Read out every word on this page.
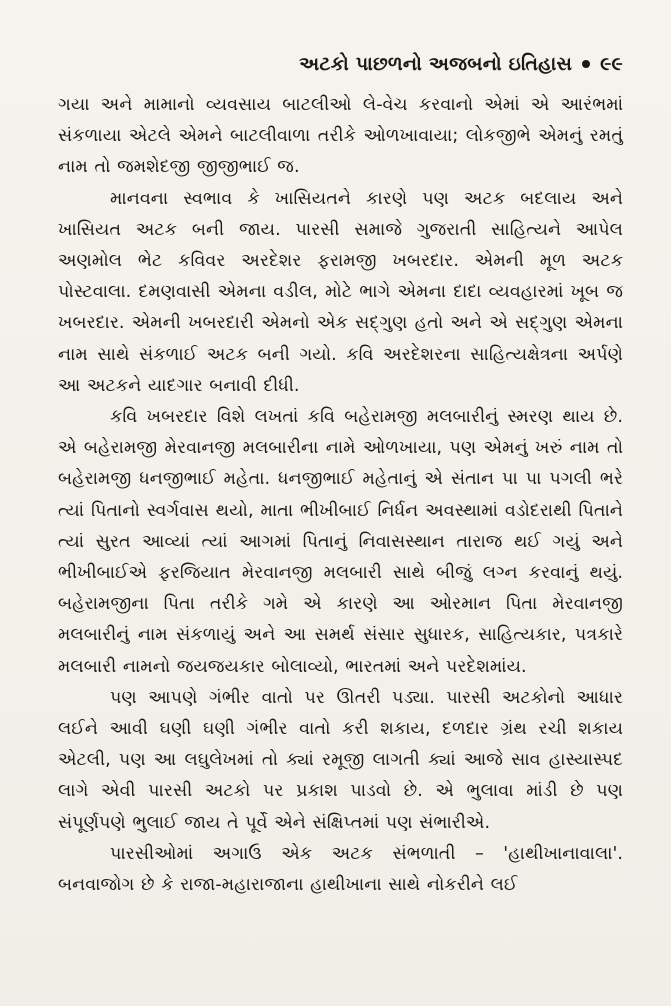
અટકો પાછળનો અજબનો ઇતિહાસ ૯૯

ગયા અને મામાનો વ્યવસાય બાટલીઓ લે-વેચ કરવાનો એમાં એ આરંભમાં સંકળાયા એટલે એમને બાટલીવાળા તરીકે ઓળખાવાયા; લોકજીભે એમનું રમતું નામ તો જમશેદજી જીજીભાઈ જ.

માનવના સ્વભાવ કે ખાસિયતને કારણે પણ અટક બદલાય અને ખાસિયત અટક બની જાય. પારસી સમાજે ગુજરાતી સાહિત્યને આપેલ અણમોલ ભેટ કવિવર અરદેશર ફરામજી ખબરદાર. એમની મૂળ અટક પોસ્ટવાલા. દમણવાસી એમના વડીલ, મોટે ભાગે એમના દાદા વ્યવહારમાં ખૂબ જ ખબરદાર. એમની ખબરદારી એમનો એક સદ્ગુણ હતો અને એ સદ્ગુણ એમના નામ સાથે સંકળાઈ અટક બની ગયો. કવિ અરદેશરના સાહિત્યક્ષેત્રના અર્પણે આ અટકને યાદગાર બનાવી દીધી.

કવિ ખબરદાર વિશે લખતાં કવિ બહેરામજી મલબારીનું સ્મરણ થાય છે. એ બહેરામજી મેરવાનજી મલબારીના નામે ઓળખાયા, પણ એમનું ખરું નામ તો બહેરામજી ધનજીભાઈ મહેતા. ધનજીભાઈ મહેતાનું એ સંતાન પા પા પગલી ભરે ત્યાં પિતાનો સ્વર્ગવાસ થયો, માતા ભીખીબાઈ નિર્ધન અવસ્થામાં વડોદરાથી પિતાને ત્યાં સુરત આવ્યાં ત્યાં આગમાં પિતાનું નિવાસસ્થાન તારાજ થઈ ગયું અને ભીખીબાઈએ ફરજિયાત મેરવાનજી મલબારી સાથે બીજું લગ્ન કરવાનું થયું. બહેરામજીના પિતા તરીકે ગમે એ કારણે આ ઓરમાન પિતા મેરવાનજી મલબારીનું નામ સંકળાયું અને આ સમર્થ સંસાર સુધારક, સાહિત્યકાર, પત્રકારે મલબારી નામનો જયજયકાર બોલાવ્યો, ભારતમાં અને પરદેશમાંય.

પણ આપણે ગંભીર વાતો પર ઊતરી પડ્યા. પારસી અટકોનો આધાર લઈને આવી ઘણી ઘણી ગંભીર વાતો કરી શકાય, દળદાર ગ્રંથ રચી શકાય એટલી, પણ આ લઘુલેખમાં તો ક્યાં રમૂજી લાગતી ક્યાં આજે સાવ હાસ્યાસ્પદ લાગે એવી પારસી અટકો પર પ્રકાશ પાડવો છે. એ ભુલાવા માંડી છે પણ સંપૂર્ણપણે ભુલાઈ જાય તે પૂર્વે એને સંક્ષિપ્તમાં પણ સંભારીએ.

પારસીઓમાં અગાઉ એક અટક સંભળાતી – 'હાથીખાનાવાલા'. બનવાજોગ છે કે રાજા-મહારાજાના હાથીખાના સાથે નોકરીને લઈ
